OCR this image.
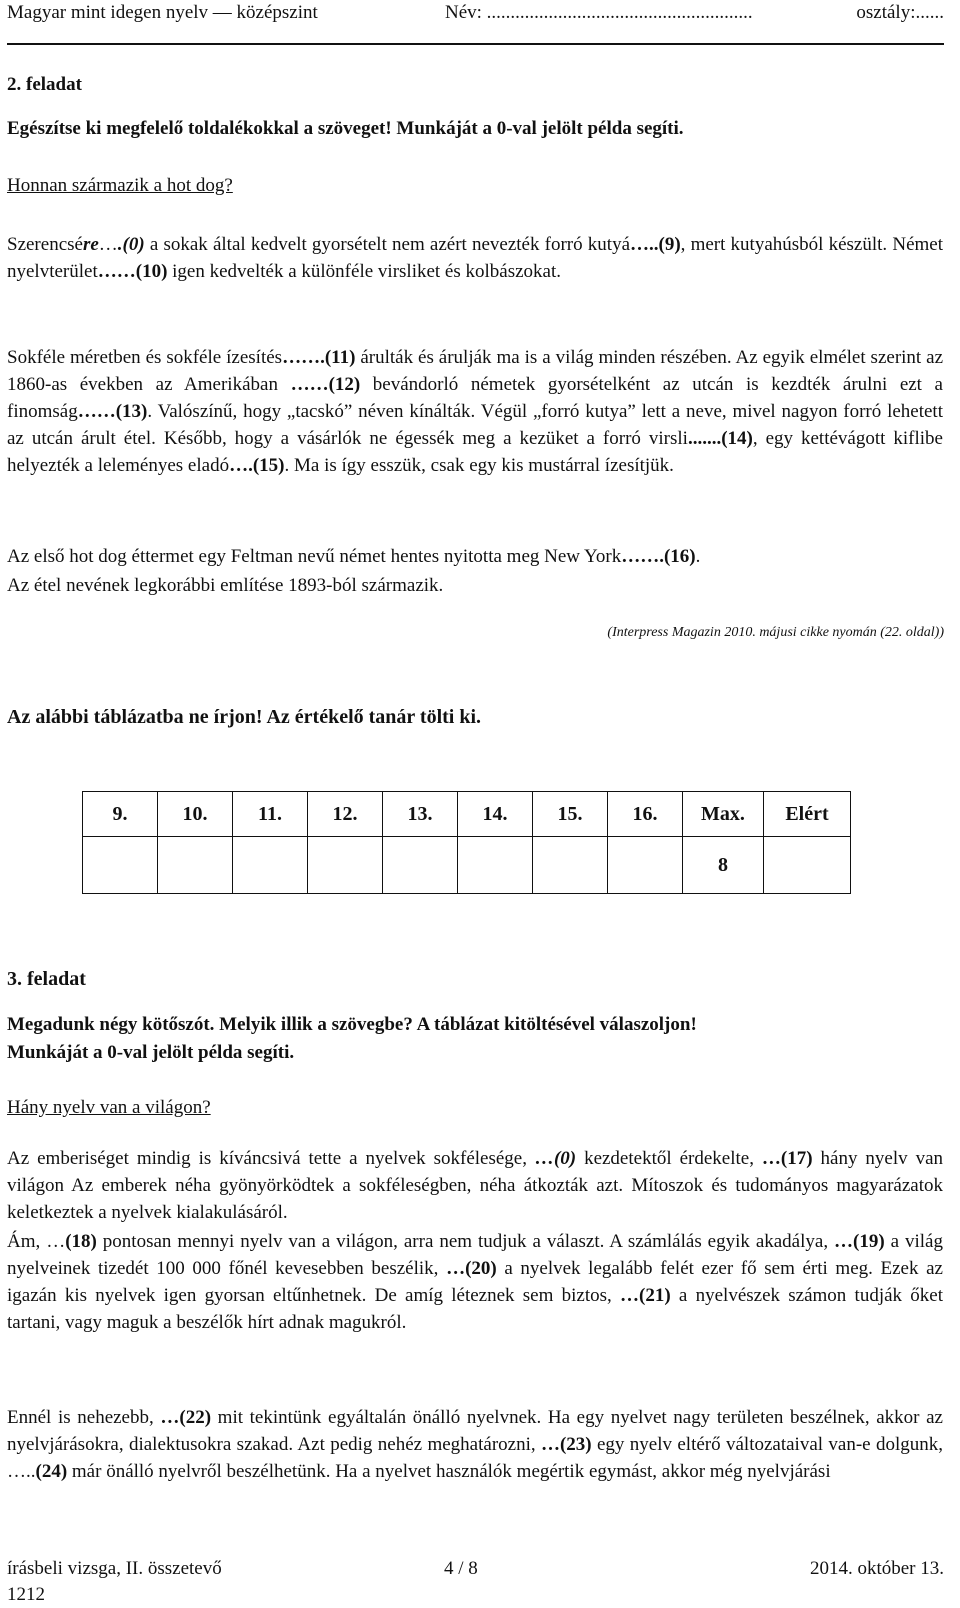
Magyar mint idegen nyelv — középszint	Név: ........................................................	osztály:......

2. feladat

Egészítse ki megfelelő toldalékokkal a szöveget! Munkáját a 0-val jelölt példa segíti.

Honnan származik a hot dog?

Szerencsére….(0) a sokak által kedvelt gyorsételt nem azért nevezték forró kutyá…..(9), mert kutyahúsból készült. Német nyelvterület……(10) igen kedvelték a különféle virsliket és kolbászokat.

Sokféle méretben és sokféle ízesítés…….(11) árulták és árulják ma is a világ minden részében. Az egyik elmélet szerint az 1860-as években az Amerikában ……(12) bevándorló németek gyorsételként az utcán is kezdték árulni ezt a finomság……(13). Valószínű, hogy „tacskó” néven kínálták. Végül „forró kutya” lett a neve, mivel nagyon forró lehetett az utcán árult étel. Később, hogy a vásárlók ne égessék meg a kezüket a forró virsli.......(14), egy kettévágott kiflibe helyezték a leleményes eladó….(15). Ma is így esszük, csak egy kis mustárral ízesítjük.

Az első hot dog éttermet egy Feltman nevű német hentes nyitotta meg New York…….(16).

Az étel nevének legkorábbi említése 1893-ból származik.

(Interpress Magazin 2010. májusi cikke nyomán (22. oldal))

Az alábbi táblázatba ne írjon! Az értékelő tanár tölti ki.

9.	10.	11.	12.	13.	14.	15.	16.	Max.	Elért
								8	

3. feladat

Megadunk négy kötőszót. Melyik illik a szövegbe? A táblázat kitöltésével válaszoljon!

Munkáját a 0-val jelölt példa segíti.

Hány nyelv van a világon?

Az emberiséget mindig is kíváncsivá tette a nyelvek sokfélesége, …(0) kezdetektől érdekelte, …(17) hány nyelv van világon Az emberek néha gyönyörködtek a sokféleségben, néha átkozták azt. Mítoszok és tudományos magyarázatok keletkeztek a nyelvek kialakulásáról.

Ám, …(18) pontosan mennyi nyelv van a világon, arra nem tudjuk a választ. A számlálás egyik akadálya, …(19) a világ nyelveinek tizedét 100 000 főnél kevesebben beszélik, …(20) a nyelvek legalább felét ezer fő sem érti meg. Ezek az igazán kis nyelvek igen gyorsan eltűnhetnek. De amíg léteznek sem biztos, …(21) a nyelvészek számon tudják őket tartani, vagy maguk a beszélők hírt adnak magukról.

Ennél is nehezebb, …(22) mit tekintünk egyáltalán önálló nyelvnek. Ha egy nyelvet nagy területen beszélnek, akkor az nyelvjárásokra, dialektusokra szakad. Azt pedig nehéz meghatározni, …(23) egy nyelv eltérő változataival van-e dolgunk, …..(24) már önálló nyelvről beszélhetünk. Ha a nyelvet használók megértik egymást, akkor még nyelvjárási

írásbeli vizsga, II. összetevő	4 / 8	2014. október 13.
1212
